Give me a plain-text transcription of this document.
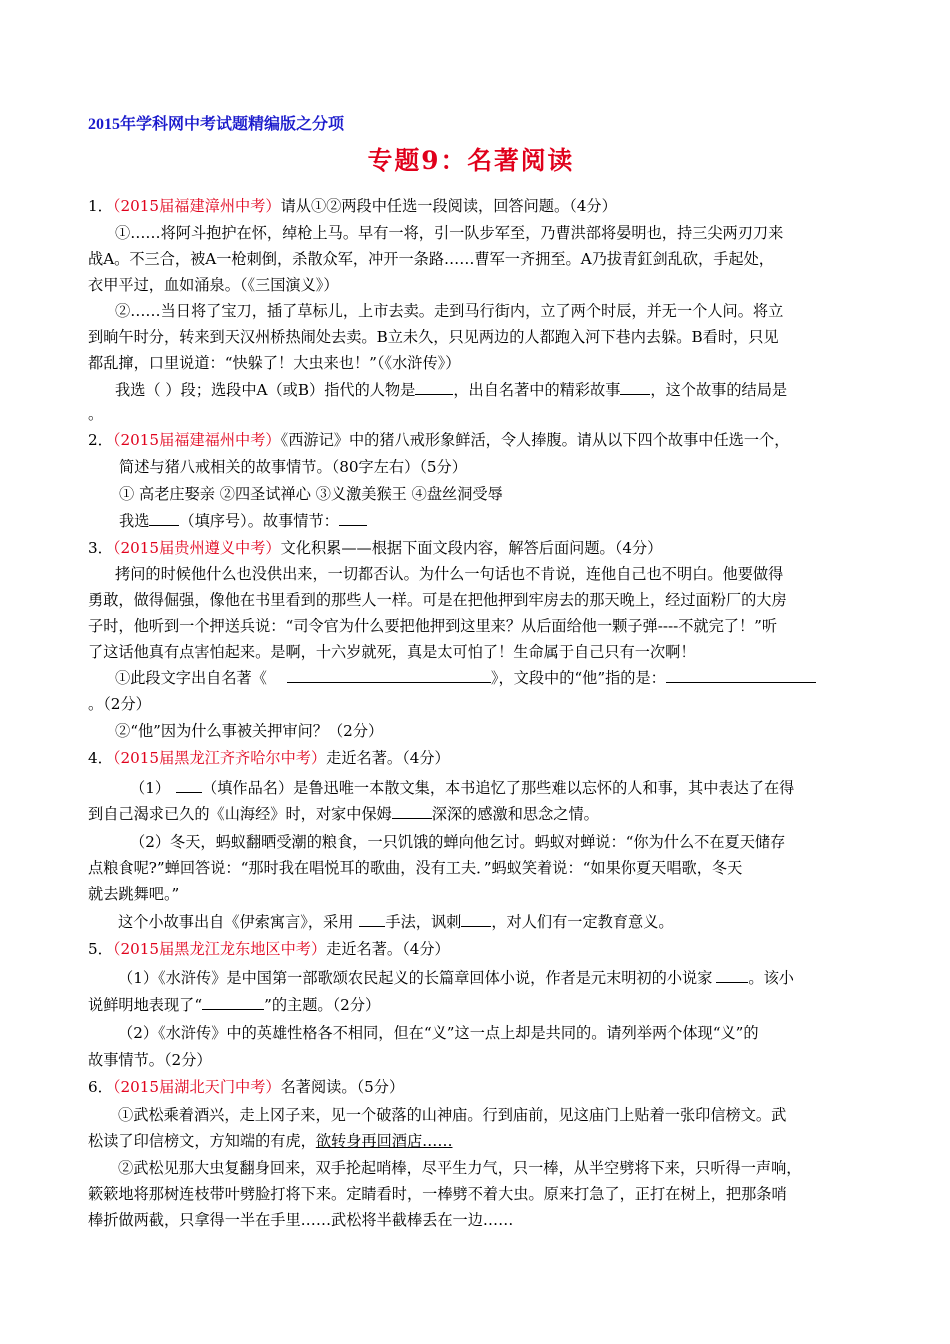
2015年学科网中考试题精编版之分项
专题9：名著阅读
1．（2015届福建漳州中考）请从①②两段中任选一段阅读，回答问题。（4分）
①……将阿斗抱护在怀，绰枪上马。早有一将，引一队步军至，乃曹洪部将晏明也，持三尖两刃刀来
战A。不三合，被A一枪刺倒，杀散众军，冲开一条路……曹军一齐拥至。A乃拔青釭剑乱砍，手起处，
衣甲平过，血如涌泉。（《三国演义》）
②……当日将了宝刀，插了草标儿，上市去卖。走到马行街内，立了两个时辰，并无一个人问。将立
到晌午时分，转来到天汉州桥热闹处去卖。B立未久，只见两边的人都跑入河下巷内去躲。B看时，只见
都乱撺，口里说道：“快躲了！大虫来也！”（《水浒传》）
我选（ ）段；选段中A（或B）指代的人物是 ﾠ，出自名著中的精彩故事 ，这个故事的结局是
。
2．（2015届福建福州中考）《西游记》中的猪八戒形象鲜活，令人捧腹。请从以下四个故事中任选一个，
简述与猪八戒相关的故事情节。（80字左右）（5分）
① 高老庄娶亲 ②四圣试禅心 ③义激美猴王 ④盘丝洞受辱
我选 （填序号）。故事情节：
3．（2015届贵州遵义中考）文化积累——根据下面文段内容，解答后面问题。（4分）
拷问的时候他什么也没供出来，一切都否认。为什么一句话也不肯说，连他自己也不明白。他要做得
勇敢，做得倔强，像他在书里看到的那些人一样。可是在把他押到牢房去的那天晚上，经过面粉厂的大房
子时，他听到一个押送兵说：“司令官为什么要把他押到这里来？从后面给他一颗子弹----不就完了！”听
了这话他真有点害怕起来。是啊，十六岁就死，真是太可怕了！生命属于自己只有一次啊！
①此段文字出自名著《	》，文段中的“他”指的是：
。（2分）
②“他”因为什么事被关押审问？（2分）
4．（2015届黑龙江齐齐哈尔中考）走近名著。（4分）
（1） （填作品名）是鲁迅唯一本散文集，本书追忆了那些难以忘怀的人和事，其中表达了在得
到自己渴求已久的《山海经》时，对家中保姆	深深的感激和思念之情。
（2）冬天，蚂蚁翻晒受潮的粮食，一只饥饿的蝉向他乞讨。蚂蚁对蝉说：“你为什么不在夏天储存
点粮食呢?”蝉回答说：“那时我在唱悦耳的歌曲，没有工夫．”蚂蚁笑着说：“如果你夏天唱歌，冬天
就去跳舞吧。”
这个小故事出自《伊索寓言》，采用 手法，讽刺 ，对人们有一定教育意义。
5．（2015届黑龙江龙东地区中考）走近名著。（4分）
（1）《水浒传》是中国第一部歌颂农民起义的长篇章回体小说，作者是元末明初的小说家 。该小
说鲜明地表现了“	”的主题。（2分）
（2）《水浒传》中的英雄性格各不相同，但在“义”这一点上却是共同的。请列举两个体现“义”的
故事情节。（2分）
6．（2015届湖北天门中考）名著阅读。（5分）
①武松乘着酒兴，走上冈子来，见一个破落的山神庙。行到庙前，见这庙门上贴着一张印信榜文。武
松读了印信榜文，方知端的有虎，欲转身再回酒店……
②武松见那大虫复翻身回来，双手抡起哨棒，尽平生力气，只一棒，从半空劈将下来，只听得一声响，
簌簌地将那树连枝带叶劈脸打将下来。定睛看时，一棒劈不着大虫。原来打急了，正打在树上，把那条哨
棒折做两截，只拿得一半在手里……武松将半截棒丢在一边……
